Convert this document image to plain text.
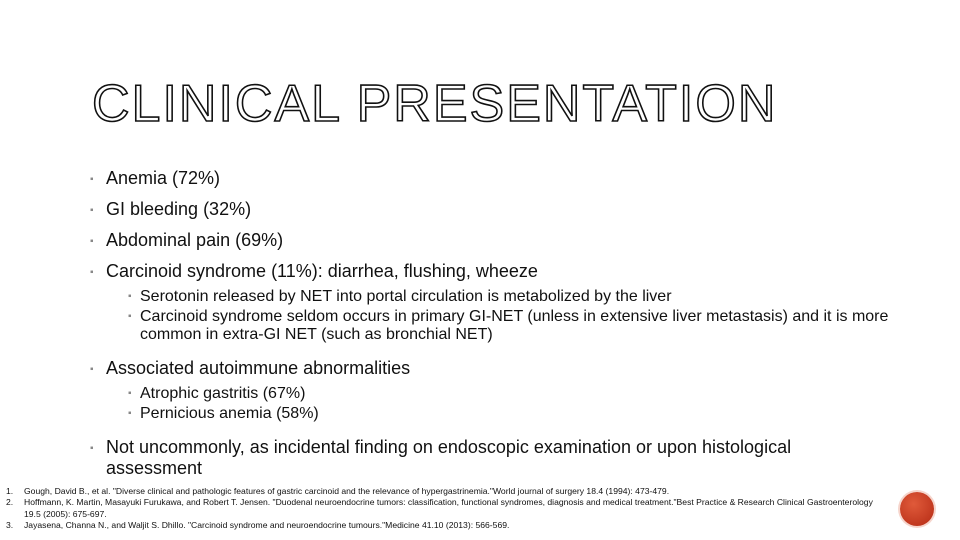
CLINICAL PRESENTATION
▪ Anemia (72%)
▪ GI bleeding (32%)
▪ Abdominal pain (69%)
▪ Carcinoid syndrome (11%): diarrhea, flushing, wheeze
▪ Serotonin released by NET into portal circulation is metabolized by the liver
▪ Carcinoid syndrome seldom occurs in primary GI-NET (unless in extensive liver metastasis) and it is more common in extra-GI NET (such as bronchial NET)
▪ Associated autoimmune abnormalities
▪ Atrophic gastritis (67%)
▪ Pernicious anemia (58%)
▪ Not uncommonly, as incidental finding on endoscopic examination or upon histological assessment
1. Gough, David B., et al. "Diverse clinical and pathologic features of gastric carcinoid and the relevance of hypergastrinemia."World journal of surgery 18.4 (1994): 473-479.
2. Hoffmann, K. Martin, Masayuki Furukawa, and Robert T. Jensen. "Duodenal neuroendocrine tumors: classification, functional syndromes, diagnosis and medical treatment."Best Practice & Research Clinical Gastroenterology 19.5 (2005): 675-697.
3. Jayasena, Channa N., and Waljit S. Dhillo. "Carcinoid syndrome and neuroendocrine tumours."Medicine 41.10 (2013): 566-569.
